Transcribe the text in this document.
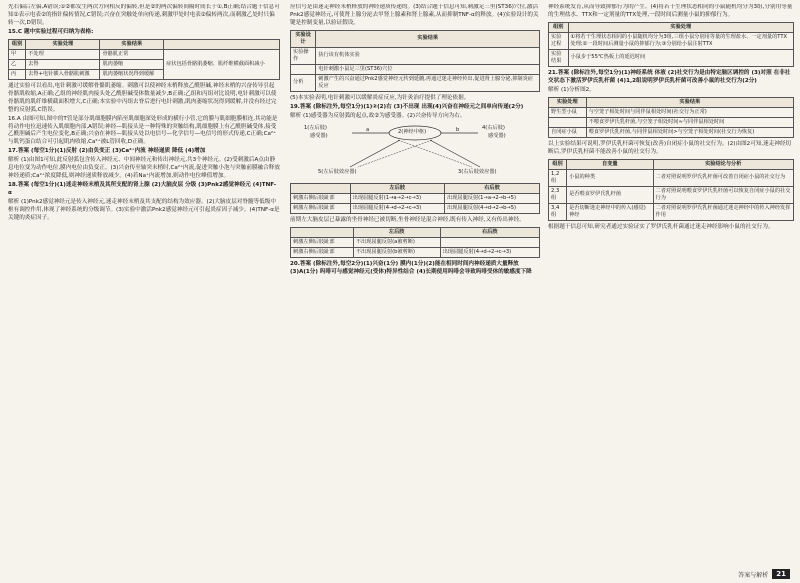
先右偏后左偏,A错误;①②都发生两次方向相反的偏转,但是②的两次偏转间隔时间长于①,B正确;结合题干信息可知②表示电表②的指针偏转情况,C错误;兴奋在突触处单向传递,刺激甲处时电表②偏转两次,而刺激乙处时只偏转一次,D错误。

15.C 题中实验过程可归纳为表格:

组别	实验处理	实验结果	
甲	不处理	骨骼肌正常	症状包括骨骼肌萎缩、肌纤维横截面积减小
乙	去脊	肌肉萎缩	
丙	去脊+电针插入骨骼肌刺激	肌肉萎缩状况得到缓解	

通过实验可以看出,电针刺激可缓解骨骼肌萎缩。刺激可以使神经末梢释放乙酰胆碱,神经末梢的兴奋传导引起骨骼肌收缩,A正确;乙组的神经肌肉接头处乙酰胆碱受体数量减少,B正确;乙组和丙组对比说明,电针刺激可以使骨骼肌的肌纤维横截面积增大,C正确;本实验中丙组去脊后进行电针刺激,肌肉萎缩状况得到缓解,并没有经过完整的反射弧,C错误。

16.A 由图可知,图中的T管是部分肌细胞膜内陷至肌细胞深处形成的横行小管,它的膜与肌细胞膜相连,其功能是将动作电位迅速传入肌细胞内部,A错误;神经—肌接头是一种特殊的突触结构,肌细胞膜上有乙酰胆碱受体,接受乙酰胆碱后产生电位变化,B正确;兴奋在神经—肌接头处以电信号—化学信号—电信号的形式传递,C正确;Ca²⁺与肌钙蛋白结合可引起肌肉收缩,Ca²⁺被L管回收,D正确。

17.答案 (每空1分)(1)反射 (2)由负变正 (3)Ca²⁺内流 神经递质 降低 (4)增加

解析 (1)由图1可知,此反射弧包含传入神经元、中间神经元和传出神经元,共3个神经元。(2)受刺激后A点由静息电位变为动作电位,膜内电位由负变正。(3)兴奋传至轴突末梢时,Ca²⁺内流,促进突触小泡与突触前膜融合释放神经递质;Ca²⁺浓度降低,则神经递质释放减少。(4)若Na⁺内流增加,则动作电位峰值增加。

18.答案 (每空1分)(1)迷走神经末梢及其所支配的肾上腺 (2)大脑皮层 分级 (3)Pnk2感觉神经元 (4)TNF-α

解析 (1)Pnk2感觉神经元是传入神经元,迷走神经末梢及其支配的结构为效应器。(2)大脑皮层对脊髓等低级中枢有调控作用,体现了神经系统的分级调节。(3)实验中激活Pnk2感觉神经元可引起炎症因子减少。(4)TNF-α是关键的炎症因子。

应信号是由迷走神经末梢释放的神经递质传递的。(3)结合题干信息可知,刺激足三里(ST36)穴位,激活Pnk2感觉神经元,可使肾上腺分泌去甲肾上腺素和肾上腺素,从而抑制TNF-α的释放。(4)实验设计的关键是控制变量,以验证假设。

实验设计	实验结果
实验操作	执行该有机体实验
	电针刺激小鼠足三里(ST36)穴位
分析	刺激产生的兴奋通过Pnk2感觉神经元传到延髓,再通过迷走神经传出,促进肾上腺分泌,抑制炎症反应

(5)本实验表明,电针刺激可以缓解炎症反应,为针灸治疗提供了理论依据。

19.答案 (除标注外,每空1分)(1)②(2)右 (3)不出现 出现(4)兴奋在神经元之间单向传递(2分)

解析 (1)感受器为反射弧的起点,故②为感受器。(2)兴奋传导方向为右。

1(左后肢)
感受器)
2(神经中枢)
4(右后肢)
感受器)
a	b
5(左后肢效应器)	3(右后肢效应器)
	左后肢	右后肢
刺激右侧后肢趾部	出现屈腿反射(1→a→2→c→3)	出现屈腿反射(1→a→2→b→5)
刺激左侧后肢趾部	出现屈腿反射(4→d→2→c→3)	出现屈腿反射(4→d→2→b→5)

前期左大脑皮层已暴露的坐骨神经已被切断,坐骨神经是混合神经,既有传入神经,又有传出神经。

	左后肢	右后肢
刺激左侧后肢趾部	不出现屈腿反射(a被剪断)	
刺激右侧后肢趾部	不出现屈腿反射(b被剪断)	出现屈腿反射(4→d→2→c→3)

20.答案 (除标注外,每空2分)(1)兴奋(1分) 膜内(1分)(2)能在相同时间内神经递质大量释放 (3)A(1分) 吗啡可与感觉神经元(受体)特异性结合 (4)长期使用吗啡会导致吗啡受体的敏感度下降

神经系统发育,从而导致抑郁行为的产生。(4)将若干生理状态相同的小鼠随机均分为3组,分别用等量的生理盐水、TTX和一定剂量的TTX处理,一段时间后测量小鼠的抑郁行为。

组别	实验处理
实验过程	①将若干生理状态相同的小鼠随机均分为3组,三组小鼠分别用等量的生理盐水、一定剂量的TTX处理;②一段时间后测量小鼠的抑郁行为;③分别给小鼠注射TTX
实验结果	小鼠步于55℃热板上的延迟时间

21.答案 (除标注外,每空1分)(1)神经系统 体液 (2)社交行为是由特定脑区调控的 (3)对照 在非社交状态下激活罗伊氏乳杆菌 (4)1,2组说明罗伊氏乳杆菌可改善小鼠的社交行为(2分)

解析 (1)分析图2。

实验处理	实验结果
野生型小鼠	与空笼子相处时间与同伴鼠相处时间(社交行为正常)
	不喂食罗伊氏乳杆菌,与空笼子相处时间≈与同伴鼠相处时间
自闭症小鼠	喂食罗伊氏乳杆菌,与同伴鼠相处时间>与空笼子相处时间(社交行为恢复)

以上实验结果可说明,罗伊氏乳杆菌可恢复(改善)自闭症小鼠的社交行为。(2)由图2可知,迷走神经切断后,罗伊氏乳杆菌不能改善小鼠的社交行为。

组别	自变量	实验结论与分析
1,2组	小鼠的种类	二者对照说明罗伊氏乳杆菌可改善自闭症小鼠的社交行为
2,3组	是否喂食罗伊氏乳杆菌	二者对照说明喂食罗伊氏乳杆菌可以恢复自闭症小鼠的社交行为
3,4组	是否切断迷走神经中的传入(感觉)神经	二者对照说明罗伊氏乳杆菌通过迷走神经中的传入神经发挥作用

根据题干信息可知,研究者通过实验证实了罗伊氏乳杆菌通过迷走神经影响小鼠的社交行为。

答案与解析	21
